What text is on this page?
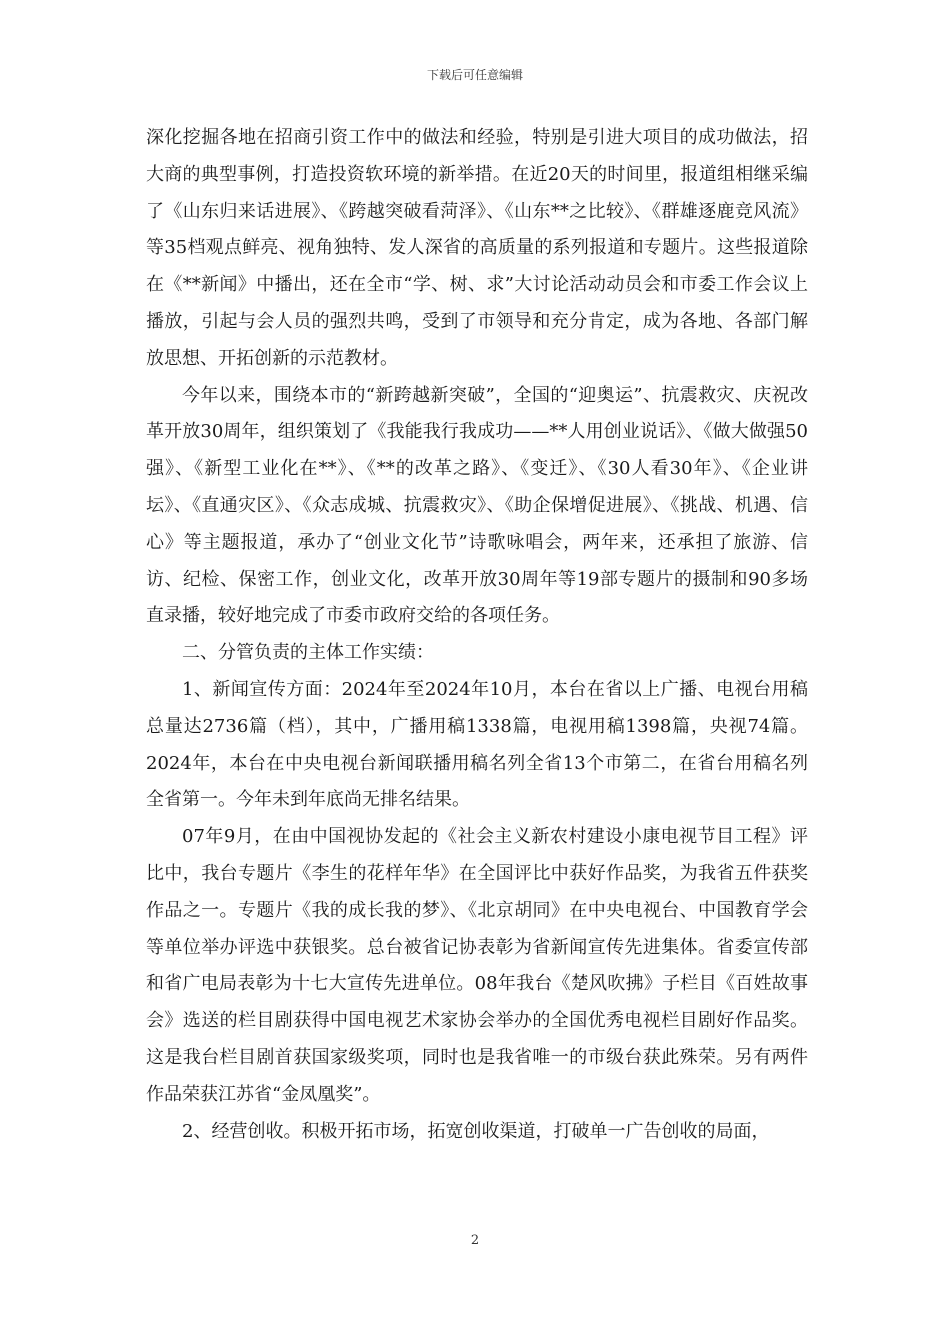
下载后可任意编辑

深化挖掘各地在招商引资工作中的做法和经验，特别是引进大项目的成功做法，招大商的典型事例，打造投资软环境的新举措。在近20天的时间里，报道组相继采编了《山东归来话进展》、《跨越突破看菏泽》、《山东**之比较》、《群雄逐鹿竞风流》等35档观点鲜亮、视角独特、发人深省的高质量的系列报道和专题片。这些报道除在《**新闻》中播出，还在全市“学、树、求”大讨论活动动员会和市委工作会议上播放，引起与会人员的强烈共鸣，受到了市领导和充分肯定，成为各地、各部门解放思想、开拓创新的示范教材。

今年以来，围绕本市的“新跨越新突破”，全国的“迎奥运”、抗震救灾、庆祝改革开放30周年，组织策划了《我能我行我成功——**人用创业说话》、《做大做强50强》、《新型工业化在**》、《**的改革之路》、《变迁》、《30人看30年》、《企业讲坛》、《直通灾区》、《众志成城、抗震救灾》、《助企保增促进展》、《挑战、机遇、信心》等主题报道，承办了“创业文化节”诗歌咏唱会，两年来，还承担了旅游、信访、纪检、保密工作，创业文化，改革开放30周年等19部专题片的摄制和90多场直录播，较好地完成了市委市政府交给的各项任务。

二、分管负责的主体工作实绩：

1、新闻宣传方面：2024年至2024年10月，本台在省以上广播、电视台用稿总量达2736篇（档），其中，广播用稿1338篇，电视用稿1398篇，央视74篇。2024年，本台在中央电视台新闻联播用稿名列全省13个市第二，在省台用稿名列全省第一。今年未到年底尚无排名结果。

07年9月，在由中国视协发起的《社会主义新农村建设小康电视节目工程》评比中，我台专题片《李生的花样年华》在全国评比中获好作品奖，为我省五件获奖作品之一。专题片《我的成长我的梦》、《北京胡同》在中央电视台、中国教育学会等单位举办评选中获银奖。总台被省记协表彰为省新闻宣传先进集体。省委宣传部和省广电局表彰为十七大宣传先进单位。08年我台《楚风吹拂》子栏目《百姓故事会》选送的栏目剧获得中国电视艺术家协会举办的全国优秀电视栏目剧好作品奖。这是我台栏目剧首获国家级奖项，同时也是我省唯一的市级台获此殊荣。另有两件作品荣获江苏省“金凤凰奖”。

2、经营创收。积极开拓市场，拓宽创收渠道，打破单一广告创收的局面，

2
